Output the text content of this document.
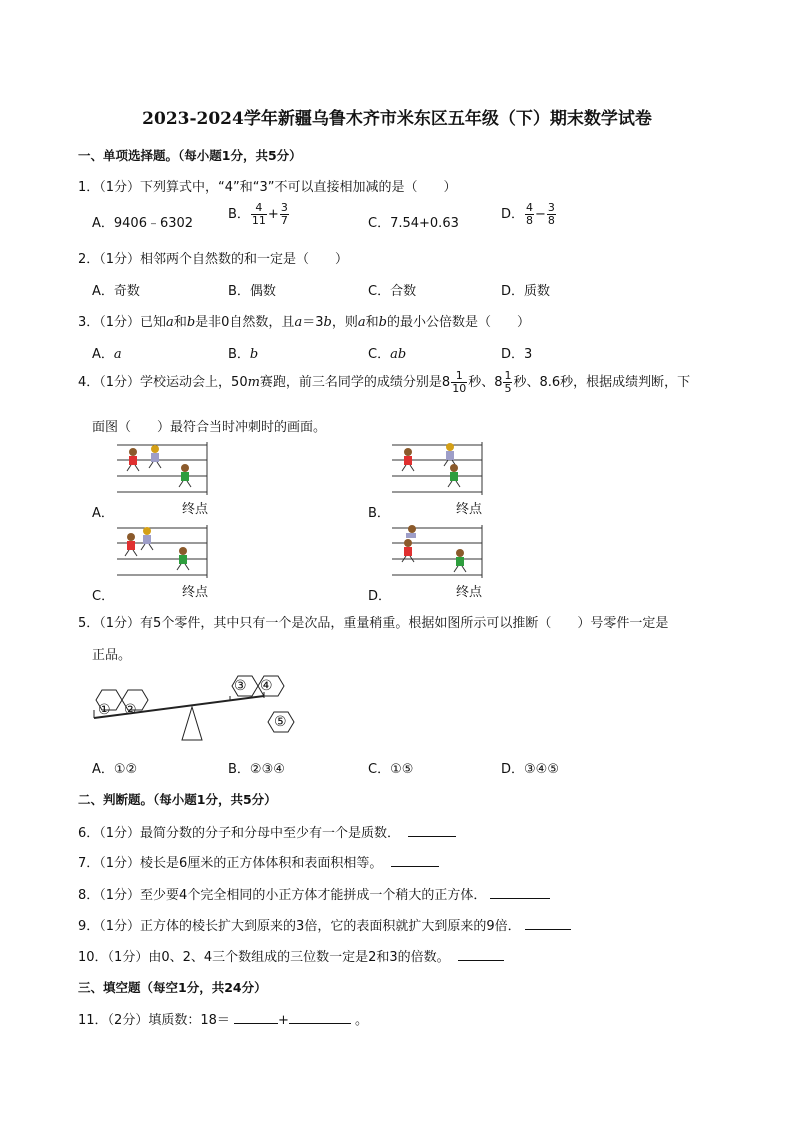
2023-2024学年新疆乌鲁木齐市米东区五年级（下）期末数学试卷
一、单项选择题。（每小题1分，共5分）
1．（1分）下列算式中，“4”和“3”不可以直接相加减的是（　　）
A．9406﹣6302
B． $\frac{4}{11} + \frac{3}{7}$	C．7.54+0.63
D． $\frac{4}{8} - \frac{3}{8}$
2．（1分）相邻两个自然数的和一定是（　　）
A．奇数	B．偶数	C．合数	D．质数
3．（1分）已知a和b是非0自然数，且a＝3b，则a和b的最小公倍数是（　　）
A．a	B．b	C．ab	D．3
4．（1分）学校运动会上，50m赛跑，前三名同学的成绩分别是$8 \frac{1}{10}$ 秒、$8 \frac{1}{5}$ 秒、8.6秒，根据成绩判断，下
面图（　　）最符合当时冲刺时的画面。
A．	终点	B．	终点
C．	终点	D．	终点
5．（1分）有5个零件，其中只有一个是次品，重量稍重。根据如图所示可以推断（　　）号零件一定是
正品。
① ②
③ ④
⑤
A．①②	B．②③④	C．①⑤	D．③④⑤
二、判断题。（每小题1分，共5分）
6．（1分）最简分数的分子和分母中至少有一个是质数．
7．（1分）棱长是6厘米的正方体体积和表面积相等。
8．（1分）至少要4个完全相同的小正方体才能拼成一个稍大的正方体．
9．（1分）正方体的棱长扩大到原来的3倍，它的表面积就扩大到原来的9倍．
10．（1分）由0、2、4三个数组成的三位数一定是2和3的倍数。
三、填空题（每空1分，共24分）
11．（2分）填质数：18＝	+	。
